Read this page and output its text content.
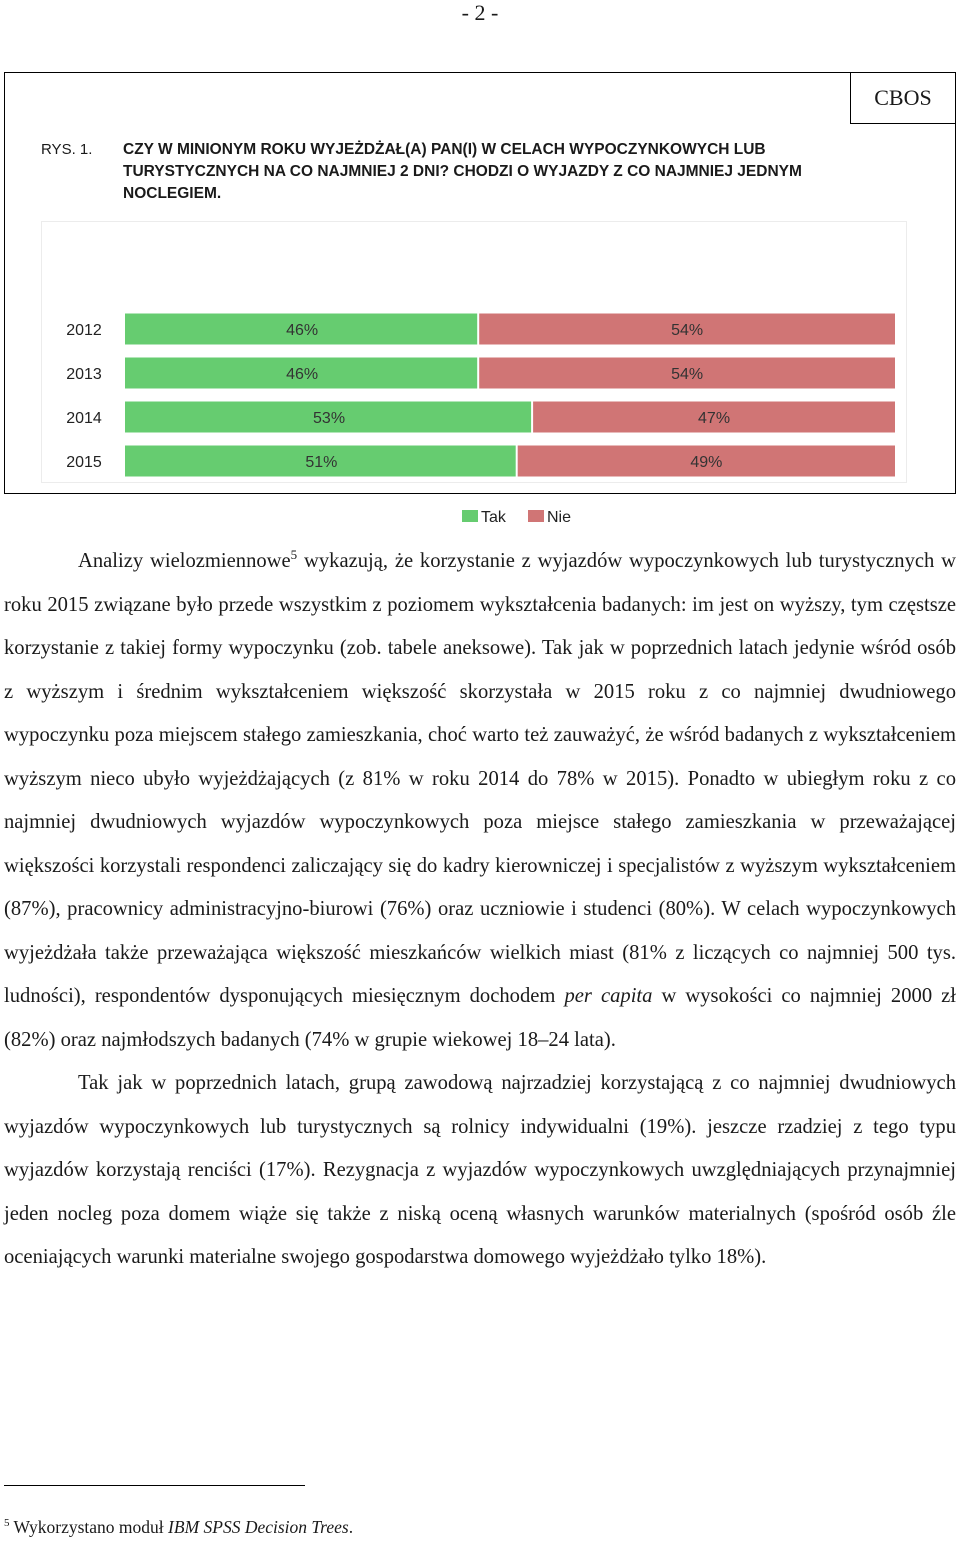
- 2 -
CBOS
RYS. 1. CZY W MINIONYM ROKU WYJEŻDŻAŁ(A) PAN(I) W CELACH WYPOCZYNKOWYCH LUB TURYSTYCZNYCH NA CO NAJMNIEJ 2 DNI? CHODZI O WYJAZDY Z CO NAJMNIEJ JEDNYM NOCLEGIEM.
2012	46%	54%
2013	46%	54%
2014	53%	47%
2015	51%	49%
Tak	Nie

Analizy wielozmiennowe$^5$ wykazują, że korzystanie z wyjazdów wypoczynkowych lub turystycznych w roku 2015 związane było przede wszystkim z poziomem wykształcenia badanych: im jest on wyższy, tym częstsze korzystanie z takiej formy wypoczynku (zob. tabele aneksowe). Tak jak w poprzednich latach jedynie wśród osób z wyższym i średnim wykształceniem większość skorzystała w 2015 roku z co najmniej dwudniowego wypoczynku poza miejscem stałego zamieszkania, choć warto też zauważyć, że wśród badanych z wykształceniem wyższym nieco ubyło wyjeżdżających (z 81% w roku 2014 do 78% w 2015). Ponadto w ubiegłym roku z co najmniej dwudniowych wyjazdów wypoczynkowych poza miejsce stałego zamieszkania w przeważającej większości korzystali respondenci zaliczający się do kadry kierowniczej i specjalistów z wyższym wykształceniem (87%), pracownicy administracyjno-biurowi (76%) oraz uczniowie i studenci (80%). W celach wypoczynkowych wyjeżdżała także przeważająca większość mieszkańców wielkich miast (81% z liczących co najmniej 500 tys. ludności), respondentów dysponujących miesięcznym dochodem per capita w wysokości co najmniej 2000 zł (82%) oraz najmłodszych badanych (74% w grupie wiekowej 18–24 lata).

Tak jak w poprzednich latach, grupą zawodową najrzadziej korzystającą z co najmniej dwudniowych wyjazdów wypoczynkowych lub turystycznych są rolnicy indywidualni (19%). jeszcze rzadziej z tego typu wyjazdów korzystają renciści (17%). Rezygnacja z wyjazdów wypoczynkowych uwzględniających przynajmniej jeden nocleg poza domem wiąże się także z niską oceną własnych warunków materialnych (spośród osób źle oceniających warunki materialne swojego gospodarstwa domowego wyjeżdżało tylko 18%).

$^5$ Wykorzystano moduł IBM SPSS Decision Trees.
